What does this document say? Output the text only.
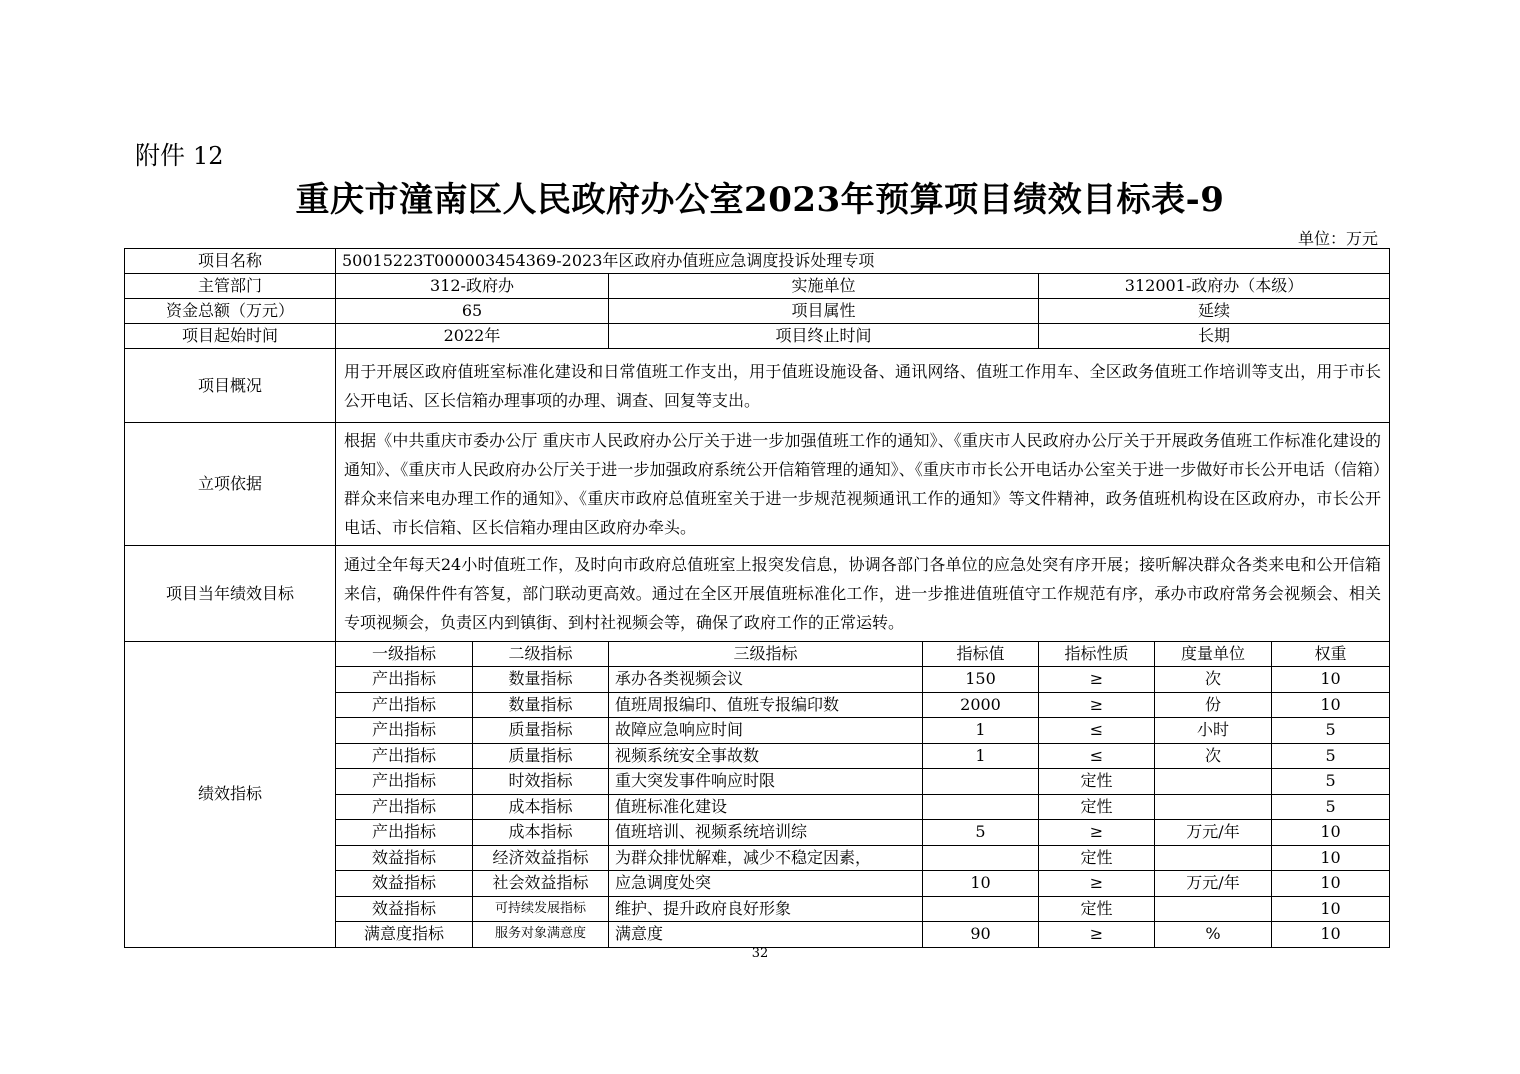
附件 12
重庆市潼南区人民政府办公室2023年预算项目绩效目标表-9
单位：万元
项目名称	50015223T000003454369-2023年区政府办值班应急调度投诉处理专项						
主管部门	312-政府办		实施单位		312001-政府办（本级）		
资金总额（万元）	65		项目属性		延续		
项目起始时间	2022年		项目终止时间		长期		
项目概况	用于开展区政府值班室标准化建设和日常值班工作支出，用于值班设施设备、通讯网络、值班工作用车、全区政务值班工作培训等支出，用于市长公开电话、区长信箱办理事项的办理、调查、回复等支出。						
立项依据	根据《中共重庆市委办公厅 重庆市人民政府办公厅关于进一步加强值班工作的通知》、《重庆市人民政府办公厅关于开展政务值班工作标准化建设的通知》、《重庆市人民政府办公厅关于进一步加强政府系统公开信箱管理的通知》、《重庆市市长公开电话办公室关于进一步做好市长公开电话（信箱）群众来信来电办理工作的通知》、《重庆市政府总值班室关于进一步规范视频通讯工作的通知》等文件精神，政务值班机构设在区政府办，市长公开电话、市长信箱、区长信箱办理由区政府办牵头。						
项目当年绩效目标	通过全年每天24小时值班工作，及时向市政府总值班室上报突发信息，协调各部门各单位的应急处突有序开展；接听解决群众各类来电和公开信箱来信，确保件件有答复，部门联动更高效。通过在全区开展值班标准化工作，进一步推进值班值守工作规范有序，承办市政府常务会视频会、相关专项视频会，负责区内到镇街、到村社视频会等，确保了政府工作的正常运转。						
绩效指标	一级指标	二级指标	三级指标	指标值	指标性质	度量单位	权重
	产出指标	数量指标	承办各类视频会议	150	≥	次	10
	产出指标	数量指标	值班周报编印、值班专报编印数	2000	≥	份	10
	产出指标	质量指标	故障应急响应时间	1	≤	小时	5
	产出指标	质量指标	视频系统安全事故数	1	≤	次	5
	产出指标	时效指标	重大突发事件响应时限		定性		5
	产出指标	成本指标	值班标准化建设		定性		5
	产出指标	成本指标	值班培训、视频系统培训综	5	≥	万元/年	10
	效益指标	经济效益指标	为群众排忧解难，减少不稳定因素，		定性		10
	效益指标	社会效益指标	应急调度处突	10	≥	万元/年	10
	效益指标	可持续发展指标	维护、提升政府良好形象		定性		10
	满意度指标	服务对象满意度	满意度	90	≥	%	10
32
